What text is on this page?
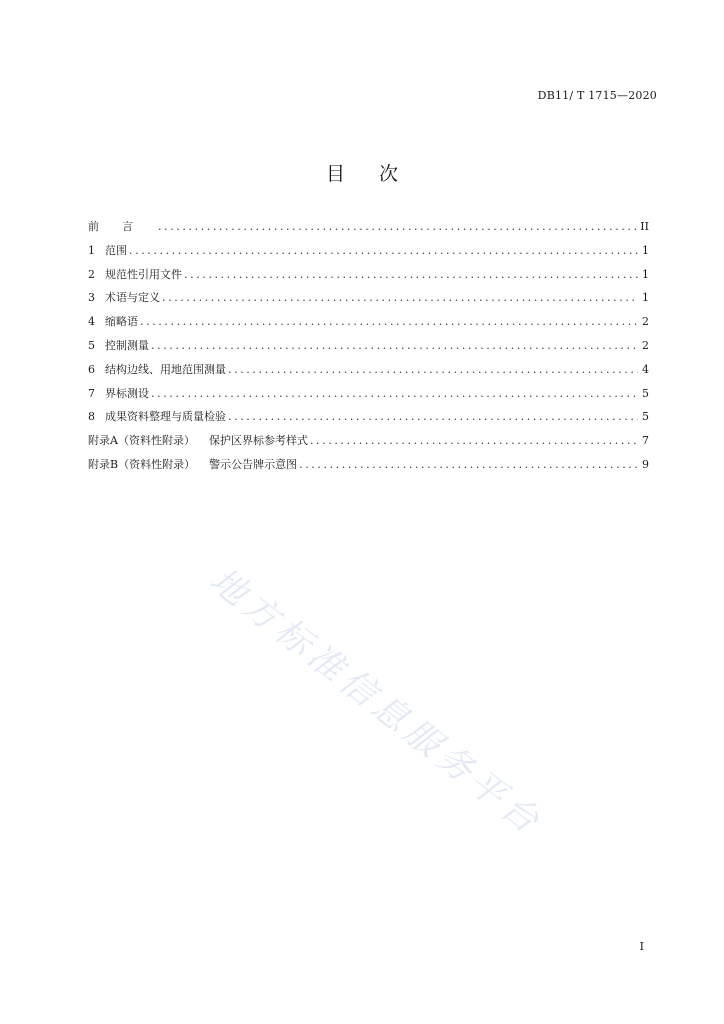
DB11/ T 1715—2020
目次
前言 .....	II
1 范围 .....	1
2 规范性引用文件 .....	1
3 术语与定义 .....	1
4 缩略语 .....	2
5 控制测量 .....	2
6 结构边线、用地范围测量 .....	4
7 界标测设 .....	5
8 成果资料整理与质量检验 .....	5
附录A（资料性附录） 保护区界标参考样式 .....	7
附录B（资料性附录） 警示公告牌示意图 .....	9
地方标准信息服务平台
I
